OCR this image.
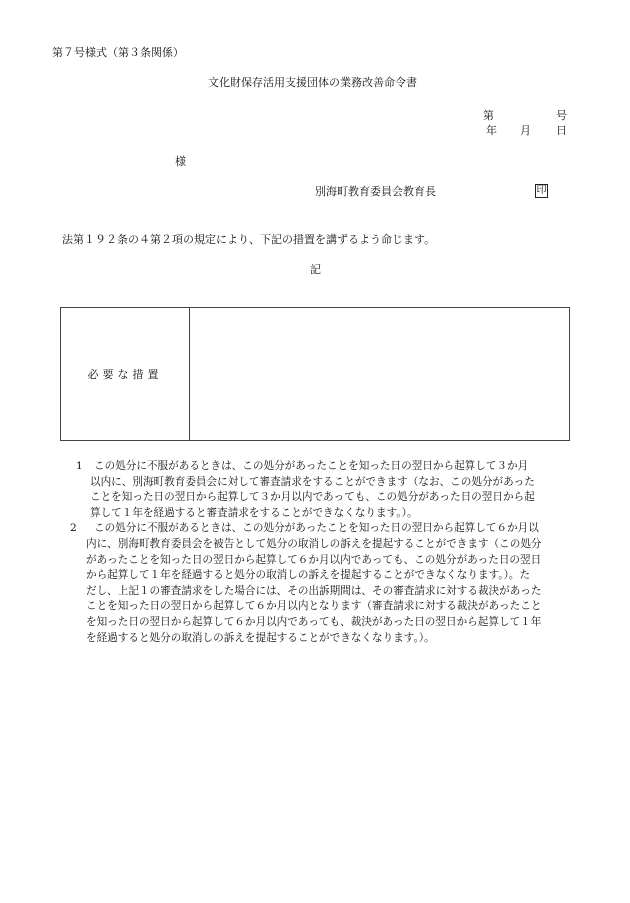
第７号様式（第３条関係）
文化財保存活用支援団体の業務改善命令書
第	号
年 月 日
様
別海町教育委員会教育長	印
法第１９２条の４第２項の規定により、下記の措置を講ずるよう命じます。
記
必要な措置
1	この処分に不服があるときは、この処分があったことを知った日の翌日から起算して３か月
以内に、別海町教育委員会に対して審査請求をすることができます（なお、この処分があった
ことを知った日の翌日から起算して３か月以内であっても、この処分があった日の翌日から起
算して１年を経過すると審査請求をすることができなくなります。）。
2	この処分に不服があるときは、この処分があったことを知った日の翌日から起算して６か月以
内に、別海町教育委員会を被告として処分の取消しの訴えを提起することができます（この処分
があったことを知った日の翌日から起算して６か月以内であっても、この処分があった日の翌日
から起算して１年を経過すると処分の取消しの訴えを提起することができなくなります。）。た
だし、上記１の審査請求をした場合には、その出訴期間は、その審査請求に対する裁決があった
ことを知った日の翌日から起算して６か月以内となります（審査請求に対する裁決があったこと
を知った日の翌日から起算して６か月以内であっても、裁決があった日の翌日から起算して１年
を経過すると処分の取消しの訴えを提起することができなくなります。）。
